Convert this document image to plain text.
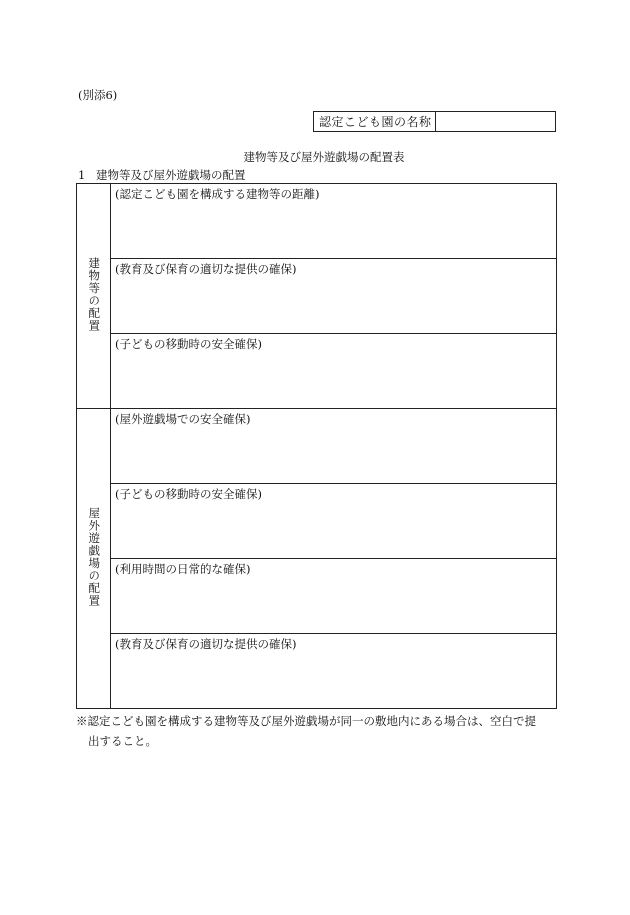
(別添6)
認定こども園の名称
建物等及び屋外遊戯場の配置表
1 建物等及び屋外遊戯場の配置
建物等の配置	(認定こども園を構成する建物等の距離)
	(教育及び保育の適切な提供の確保)
	(子どもの移動時の安全確保)
屋外遊戯場の配置	(屋外遊戯場での安全確保)
	(子どもの移動時の安全確保)
	(利用時間の日常的な確保)
	(教育及び保育の適切な提供の確保)
※認定こども園を構成する建物等及び屋外遊戯場が同一の敷地内にある場合は、空白で提
出すること。
